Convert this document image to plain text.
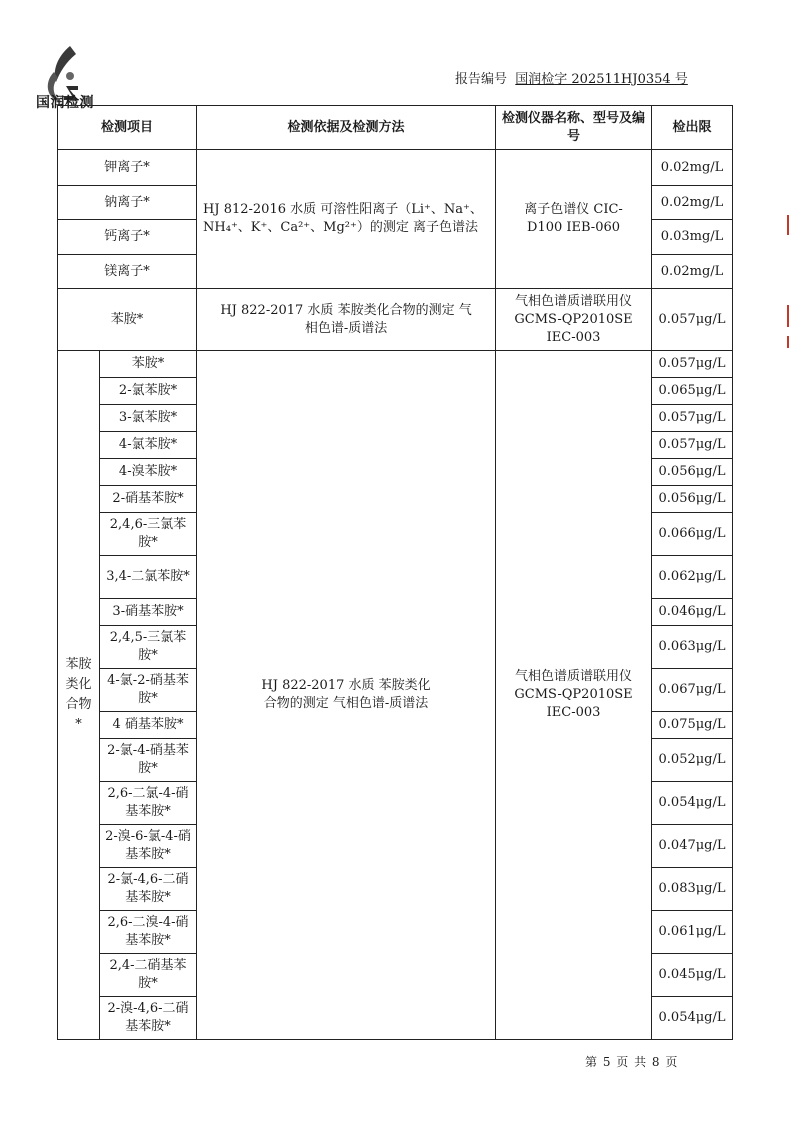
国润检测
报告编号 国润检字 202511HJ0354 号
检测项目		检测依据及检测方法	检测仪器名称、型号及编号	检出限
钾离子*		HJ 812-2016 水质 可溶性阳离子（Li⁺、Na⁺、NH₄⁺、K⁺、Ca²⁺、Mg²⁺）的测定 离子色谱法	离子色谱仪 CIC-D100 IEB-060	0.02mg/L
钠离子*				0.02mg/L
钙离子*				0.03mg/L
镁离子*				0.02mg/L
苯胺*		HJ 822-2017 水质 苯胺类化合物的测定 气相色谱-质谱法	气相色谱质谱联用仪 GCMS-QP2010SE IEC-003	0.057μg/L
苯胺类化合物*	苯胺*	HJ 822-2017 水质 苯胺类化合物的测定 气相色谱-质谱法	气相色谱质谱联用仪 GCMS-QP2010SE IEC-003	0.057μg/L
	2-氯苯胺*			0.065μg/L
	3-氯苯胺*			0.057μg/L
	4-氯苯胺*			0.057μg/L
	4-溴苯胺*			0.056μg/L
	2-硝基苯胺*			0.056μg/L
	2,4,6-三氯苯胺*			0.066μg/L
	3,4-二氯苯胺*			0.062μg/L
	3-硝基苯胺*			0.046μg/L
	2,4,5-三氯苯胺*			0.063μg/L
	4-氯-2-硝基苯胺*			0.067μg/L
	4 硝基苯胺*			0.075μg/L
	2-氯-4-硝基苯胺*			0.052μg/L
	2,6-二氯-4-硝基苯胺*			0.054μg/L
	2-溴-6-氯-4-硝基苯胺*			0.047μg/L
	2-氯-4,6-二硝基苯胺*			0.083μg/L
	2,6-二溴-4-硝基苯胺*			0.061μg/L
	2,4-二硝基苯胺*			0.045μg/L
	2-溴-4,6-二硝基苯胺*			0.054μg/L
第 5 页 共 8 页
